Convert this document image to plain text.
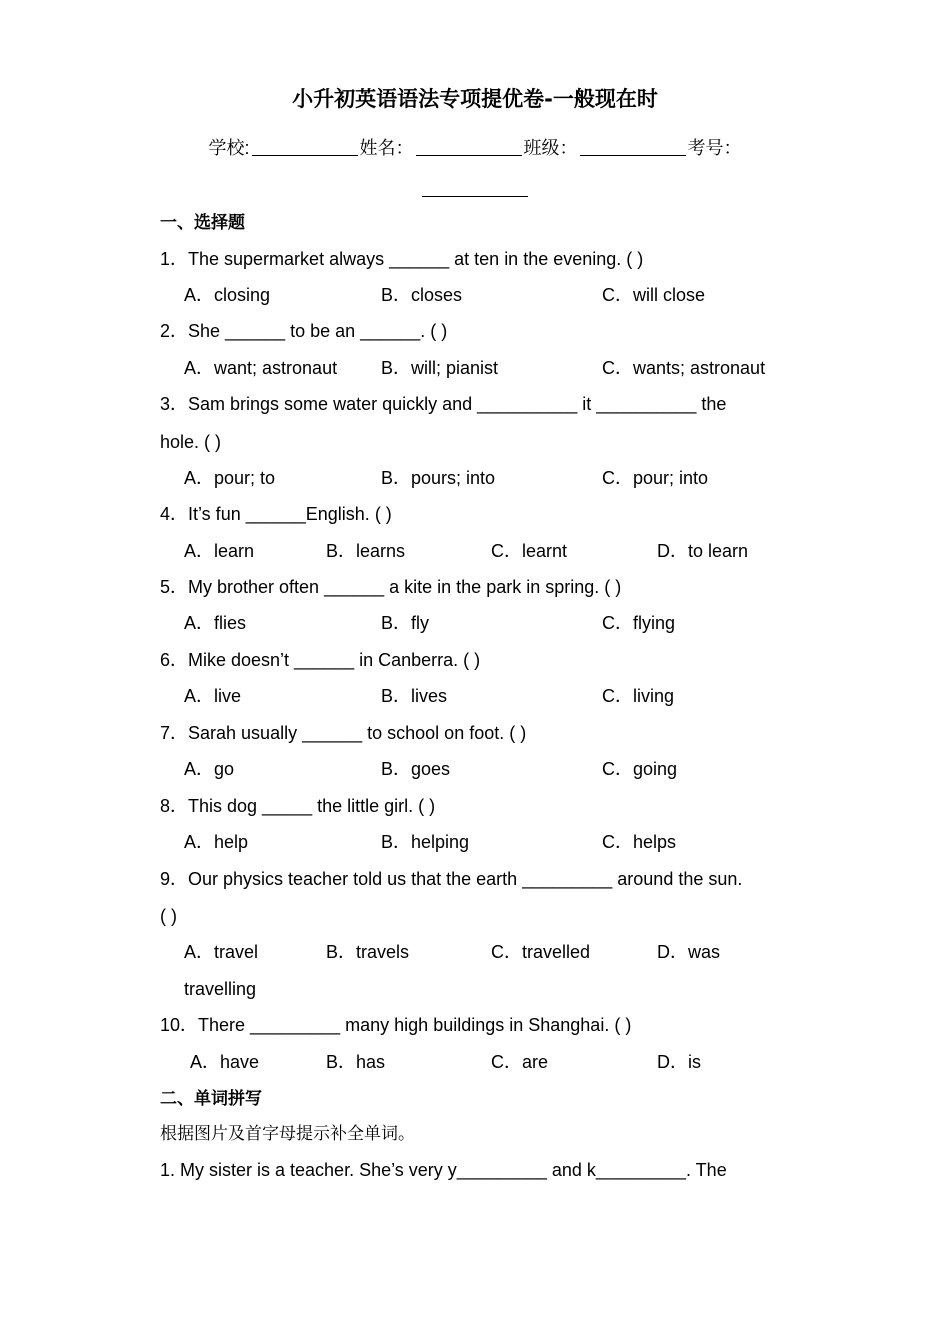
小升初英语语法专项提优卷-一般现在时
学校:	姓名：	班级：	考号：
一、选择题
1．The supermarket always ______ at ten in the evening. ( )
A．closing	B．closes	C．will close
2．She ______ to be an ______. ( )
A．want; astronaut B．will; pianist	C．wants; astronaut
3．Sam brings some water quickly and __________ it __________ the
hole. ( )
A．pour; to	B．pours; into	C．pour; into
4．It’s fun ______English. ( )
A．learn	B．learns	C．learnt	D．to learn
5．My brother often ______ a kite in the park in spring. ( )
A．flies	B．fly	C．flying
6．Mike doesn’t ______ in Canberra. ( )
A．live	B．lives	C．living
7．Sarah usually ______ to school on foot. ( )
A．go	B．goes	C．going
8．This dog _____ the little girl. ( )
A．help	B．helping	C．helps
9．Our physics teacher told us that the earth _________ around the sun.
( )
A．travel	B．travels	C．travelled	D．was
travelling
10．There _________ many high buildings in Shanghai. ( )
A．have	B．has	C．are	D．is
二、单词拼写
根据图片及首字母提示补全单词。
1. My sister is a teacher. She’s very y_________ and k_________. The
